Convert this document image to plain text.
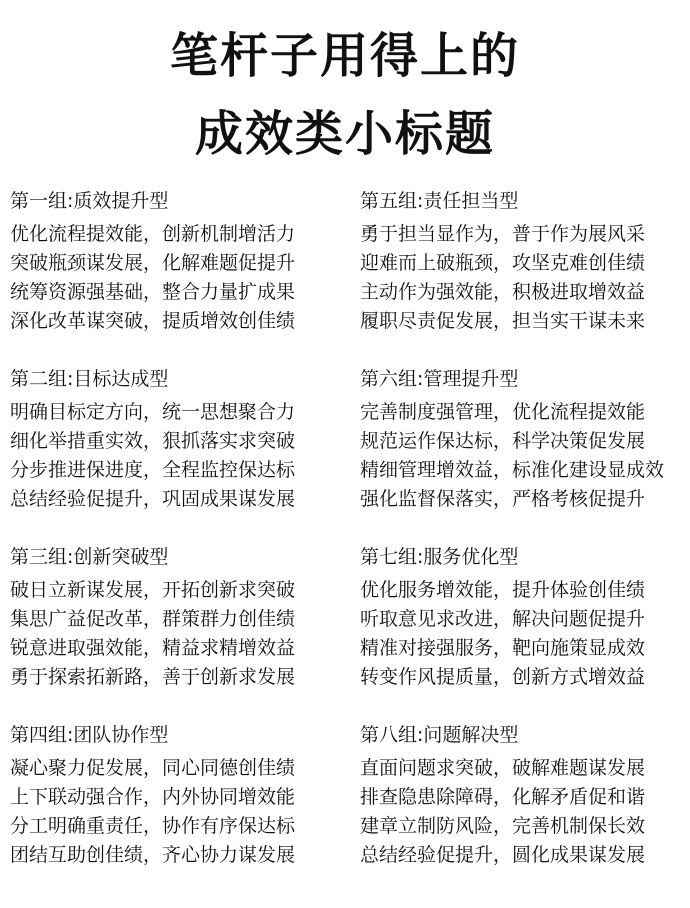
笔杆子用得上的
成效类小标题
第一组:质效提升型
优化流程提效能，创新机制增活力
突破瓶颈谋发展，化解难题促提升
统筹资源强基础，整合力量扩成果
深化改革谋突破，提质增效创佳绩
第二组:目标达成型
明确目标定方向，统一思想聚合力
细化举措重实效，狠抓落实求突破
分步推进保进度，全程监控保达标
总结经验促提升，巩固成果谋发展
第三组:创新突破型
破日立新谋发展，开拓创新求突破
集思广益促改革，群策群力创佳绩
锐意进取强效能，精益求精增效益
勇于探索拓新路，善于创新求发展
第四组:团队协作型
凝心聚力促发展，同心同德创佳绩
上下联动强合作，内外协同增效能
分工明确重责任，协作有序保达标
团结互助创佳绩，齐心协力谋发展
第五组:责任担当型
勇于担当显作为，普于作为展风采
迎难而上破瓶颈，攻坚克难创佳绩
主动作为强效能，积极进取增效益
履职尽责促发展，担当实干谋未来
第六组:管理提升型
完善制度强管理，优化流程提效能
规范运作保达标，科学决策促发展
精细管理增效益，标准化建设显成效
强化监督保落实，严格考核促提升
第七组:服务优化型
优化服务增效能，提升体验创佳绩
听取意见求改进，解决问题促提升
精准对接强服务，靶向施策显成效
转变作风提质量，创新方式增效益
第八组:问题解决型
直面问题求突破，破解难题谋发展
排查隐患除障碍，化解矛盾促和谐
建章立制防风险，完善机制保长效
总结经验促提升，圆化成果谋发展
